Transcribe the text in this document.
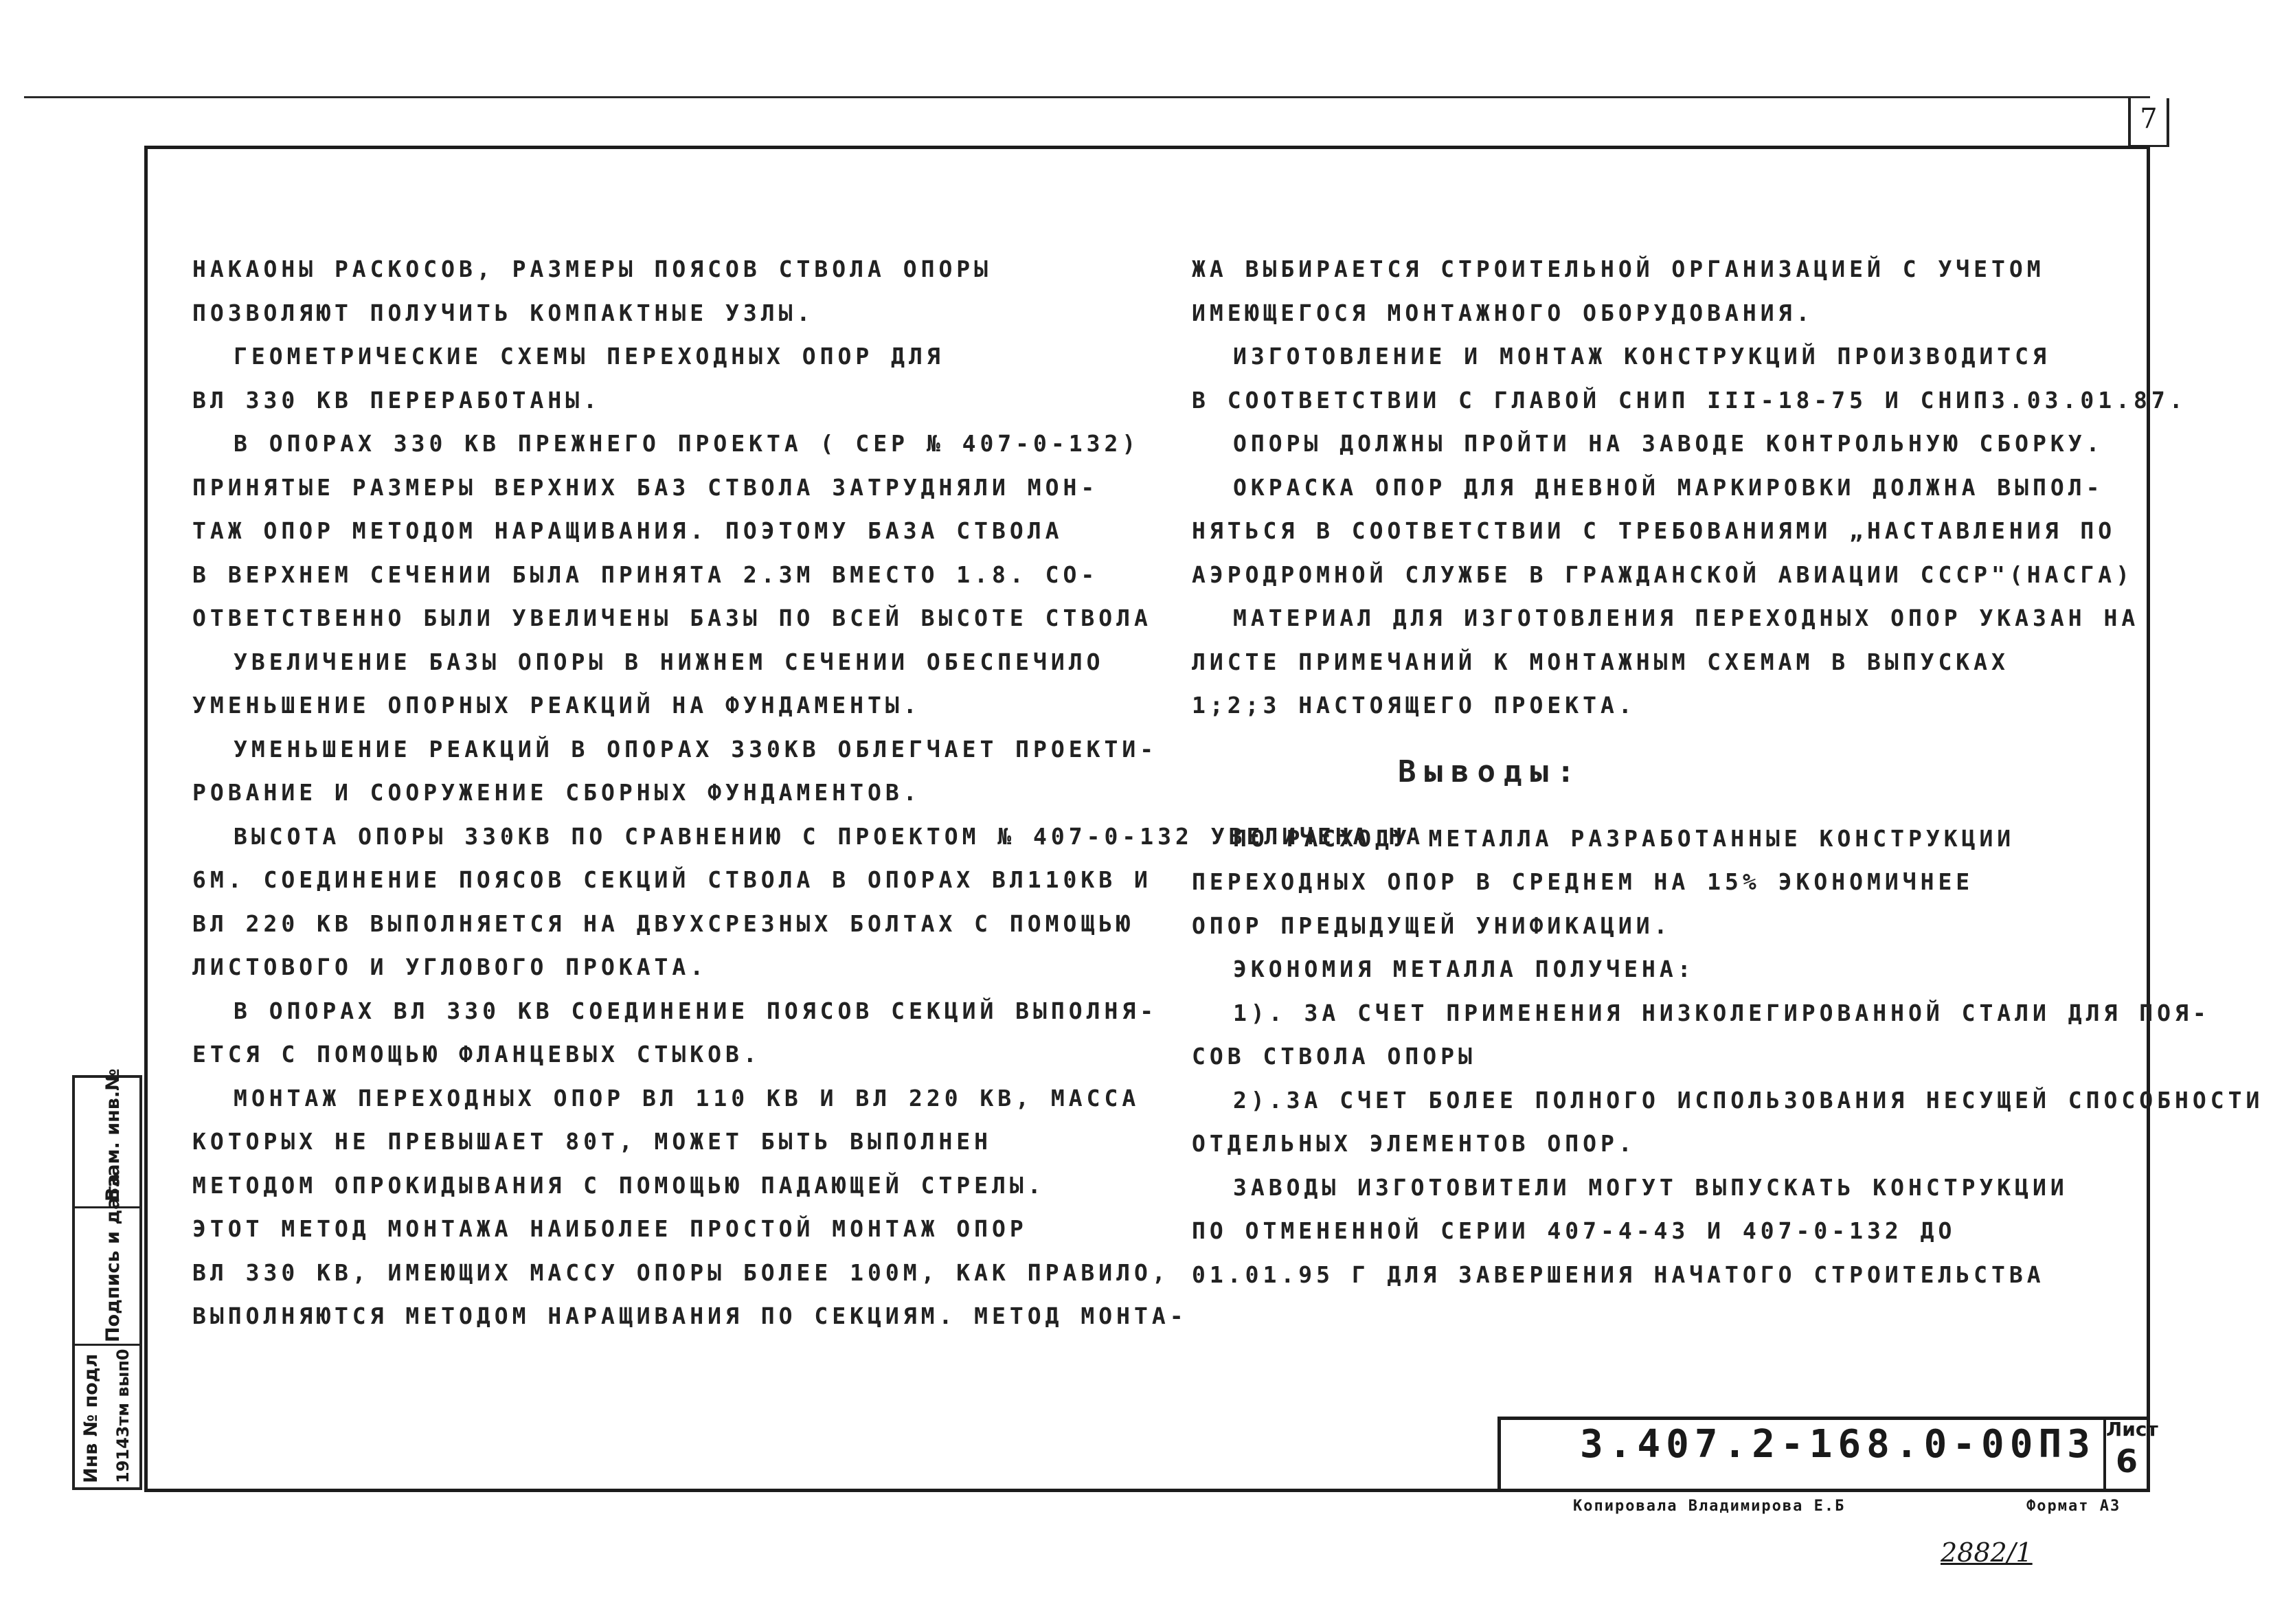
7

НАКАОНЫ РАСКОСОВ, РАЗМЕРЫ ПОЯСОВ СТВОЛА ОПОРЫ

ПОЗВОЛЯЮТ ПОЛУЧИТЬ КОМПАКТНЫЕ УЗЛЫ.

ГЕОМЕТРИЧЕСКИЕ СХЕМЫ ПЕРЕХОДНЫХ ОПОР ДЛЯ

ВЛ 330 КВ ПЕРЕРАБОТАНЫ.

В ОПОРАХ 330 КВ ПРЕЖНЕГО ПРОЕКТА ( СЕР № 407-0-132)

ПРИНЯТЫЕ РАЗМЕРЫ ВЕРХНИХ БАЗ СТВОЛА ЗАТРУДНЯЛИ МОН-

ТАЖ ОПОР МЕТОДОМ НАРАЩИВАНИЯ. ПОЭТОМУ БАЗА СТВОЛА

В ВЕРХНЕМ СЕЧЕНИИ БЫЛА ПРИНЯТА 2.3М ВМЕСТО 1.8. СО-

ОТВЕТСТВЕННО БЫЛИ УВЕЛИЧЕНЫ БАЗЫ ПО ВСЕЙ ВЫСОТЕ СТВОЛА

УВЕЛИЧЕНИЕ БАЗЫ ОПОРЫ В НИЖНЕМ СЕЧЕНИИ ОБЕСПЕЧИЛО

УМЕНЬШЕНИЕ ОПОРНЫХ РЕАКЦИЙ НА ФУНДАМЕНТЫ.

УМЕНЬШЕНИЕ РЕАКЦИЙ В ОПОРАХ 330КВ ОБЛЕГЧАЕТ ПРОЕКТИ-

РОВАНИЕ И СООРУЖЕНИЕ СБОРНЫХ ФУНДАМЕНТОВ.

ВЫСОТА ОПОРЫ 330КВ ПО СРАВНЕНИЮ С ПРОЕКТОМ № 407-0-132 УВЕЛИЧЕНА НА

6М. СОЕДИНЕНИЕ ПОЯСОВ СЕКЦИЙ СТВОЛА В ОПОРАХ ВЛ110КВ И

ВЛ 220 КВ ВЫПОЛНЯЕТСЯ НА ДВУХСРЕЗНЫХ БОЛТАХ С ПОМОЩЬЮ

ЛИСТОВОГО И УГЛОВОГО ПРОКАТА.

В ОПОРАХ ВЛ 330 КВ СОЕДИНЕНИЕ ПОЯСОВ СЕКЦИЙ ВЫПОЛНЯ-

ЕТСЯ С ПОМОЩЬЮ ФЛАНЦЕВЫХ СТЫКОВ.

МОНТАЖ ПЕРЕХОДНЫХ ОПОР ВЛ 110 КВ И ВЛ 220 КВ, МАССА

КОТОРЫХ НЕ ПРЕВЫШАЕТ 80Т, МОЖЕТ БЫТЬ ВЫПОЛНЕН

МЕТОДОМ ОПРОКИДЫВАНИЯ С ПОМОЩЬЮ ПАДАЮЩЕЙ СТРЕЛЫ.

ЭТОТ МЕТОД МОНТАЖА НАИБОЛЕЕ ПРОСТОЙ МОНТАЖ ОПОР

ВЛ 330 КВ, ИМЕЮЩИХ МАССУ ОПОРЫ БОЛЕЕ 100М, КАК ПРАВИЛО,

ВЫПОЛНЯЮТСЯ МЕТОДОМ НАРАЩИВАНИЯ ПО СЕКЦИЯМ. МЕТОД МОНТА-

ЖА ВЫБИРАЕТСЯ СТРОИТЕЛЬНОЙ ОРГАНИЗАЦИЕЙ С УЧЕТОМ

ИМЕЮЩЕГОСЯ МОНТАЖНОГО ОБОРУДОВАНИЯ.

ИЗГОТОВЛЕНИЕ И МОНТАЖ КОНСТРУКЦИЙ ПРОИЗВОДИТСЯ

В СООТВЕТСТВИИ С ГЛАВОЙ СНИП III-18-75 И СНИП3.03.01.87.

ОПОРЫ ДОЛЖНЫ ПРОЙТИ НА ЗАВОДЕ КОНТРОЛЬНУЮ СБОРКУ.

ОКРАСКА ОПОР ДЛЯ ДНЕВНОЙ МАРКИРОВКИ ДОЛЖНА ВЫПОЛ-

НЯТЬСЯ В СООТВЕТСТВИИ С ТРЕБОВАНИЯМИ „НАСТАВЛЕНИЯ ПО

АЭРОДРОМНОЙ СЛУЖБЕ В ГРАЖДАНСКОЙ АВИАЦИИ СССР"(НАСГА)

МАТЕРИАЛ ДЛЯ ИЗГОТОВЛЕНИЯ ПЕРЕХОДНЫХ ОПОР УКАЗАН НА

ЛИСТЕ ПРИМЕЧАНИЙ К МОНТАЖНЫМ СХЕМАМ В ВЫПУСКАХ

1;2;3 НАСТОЯЩЕГО ПРОЕКТА.

Выводы:

ПО РАСХОДУ МЕТАЛЛА РАЗРАБОТАННЫЕ КОНСТРУКЦИИ

ПЕРЕХОДНЫХ ОПОР В СРЕДНЕМ НА 15% ЭКОНОМИЧНЕЕ

ОПОР ПРЕДЫДУЩЕЙ УНИФИКАЦИИ.

ЭКОНОМИЯ МЕТАЛЛА ПОЛУЧЕНА:

1). ЗА СЧЕТ ПРИМЕНЕНИЯ НИЗКОЛЕГИРОВАННОЙ СТАЛИ ДЛЯ ПОЯ-

СОВ СТВОЛА ОПОРЫ

2).ЗА СЧЕТ БОЛЕЕ ПОЛНОГО ИСПОЛЬЗОВАНИЯ НЕСУЩЕЙ СПОСОБНОСТИ

ОТДЕЛЬНЫХ ЭЛЕМЕНТОВ ОПОР.

ЗАВОДЫ ИЗГОТОВИТЕЛИ МОГУТ ВЫПУСКАТЬ КОНСТРУКЦИИ

ПО ОТМЕНЕННОЙ СЕРИИ 407-4-43 И 407-0-132 ДО

01.01.95 Г ДЛЯ ЗАВЕРШЕНИЯ НАЧАТОГО СТРОИТЕЛЬСТВА

Взам. инв.№
Подпись и дата
Инв № подл 19143тм вып0	3.407.2-168.0-00ПЗ Лист
6
Копировала Владимирова Е.Б	Формат А3
2882/1
